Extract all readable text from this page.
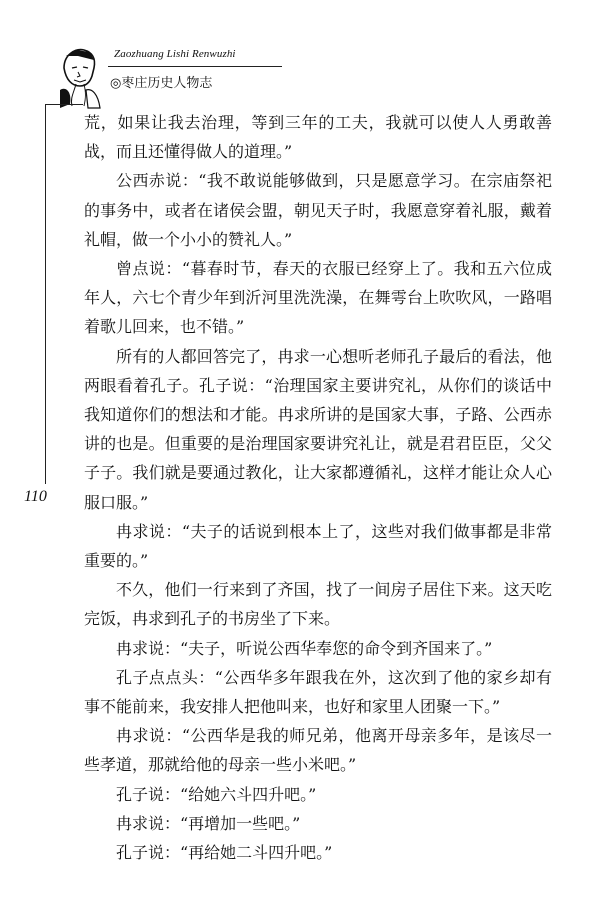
Zaozhuang Lishi Renwuzhi
◎枣庄历史人物志
110

荒，如果让我去治理，等到三年的工夫，我就可以使人人勇敢善战，而且还懂得做人的道理。”

公西赤说：“我不敢说能够做到，只是愿意学习。在宗庙祭祀的事务中，或者在诸侯会盟，朝见天子时，我愿意穿着礼服，戴着礼帽，做一个小小的赞礼人。”

曾点说：“暮春时节，春天的衣服已经穿上了。我和五六位成年人，六七个青少年到沂河里洗洗澡，在舞雩台上吹吹风，一路唱着歌儿回来，也不错。”

所有的人都回答完了，冉求一心想听老师孔子最后的看法，他两眼看着孔子。孔子说：“治理国家主要讲究礼，从你们的谈话中我知道你们的想法和才能。冉求所讲的是国家大事，子路、公西赤讲的也是。但重要的是治理国家要讲究礼让，就是君君臣臣，父父子子。我们就是要通过教化，让大家都遵循礼，这样才能让众人心服口服。”

冉求说：“夫子的话说到根本上了，这些对我们做事都是非常重要的。”

不久，他们一行来到了齐国，找了一间房子居住下来。这天吃完饭，冉求到孔子的书房坐了下来。

冉求说：“夫子，听说公西华奉您的命令到齐国来了。”

孔子点点头：“公西华多年跟我在外，这次到了他的家乡却有事不能前来，我安排人把他叫来，也好和家里人团聚一下。”

冉求说：“公西华是我的师兄弟，他离开母亲多年，是该尽一些孝道，那就给他的母亲一些小米吧。”

孔子说：“给她六斗四升吧。”

冉求说：“再增加一些吧。”

孔子说：“再给她二斗四升吧。”
